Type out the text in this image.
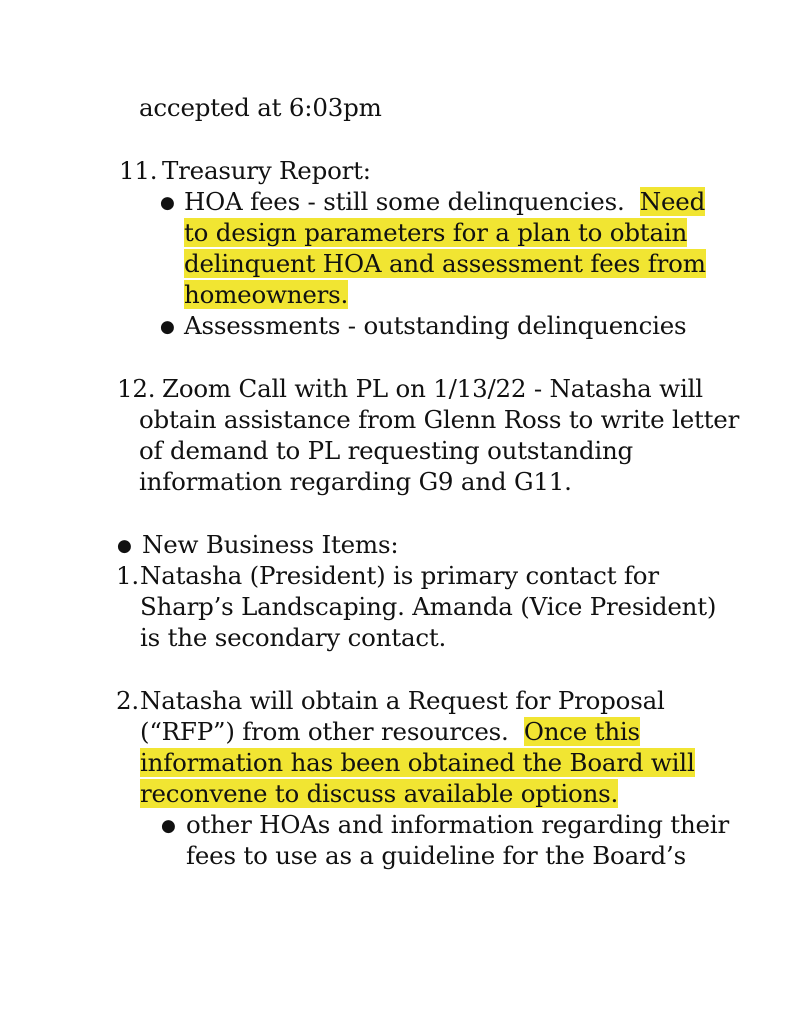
accepted at 6:03pm
11. Treasury Report:
● HOA fees - still some delinquencies. Need
to design parameters for a plan to obtain
delinquent HOA and assessment fees from
homeowners.
● Assessments - outstanding delinquencies
12. Zoom Call with PL on 1/13/22 - Natasha will
obtain assistance from Glenn Ross to write letter
of demand to PL requesting outstanding
information regarding G9 and G11.
● New Business Items:
1. Natasha (President) is primary contact for
Sharp’s Landscaping. Amanda (Vice President)
is the secondary contact.
2. Natasha will obtain a Request for Proposal
(“RFP”) from other resources. Once this
information has been obtained the Board will
reconvene to discuss available options.
● other HOAs and information regarding their
fees to use as a guideline for the Board’s
